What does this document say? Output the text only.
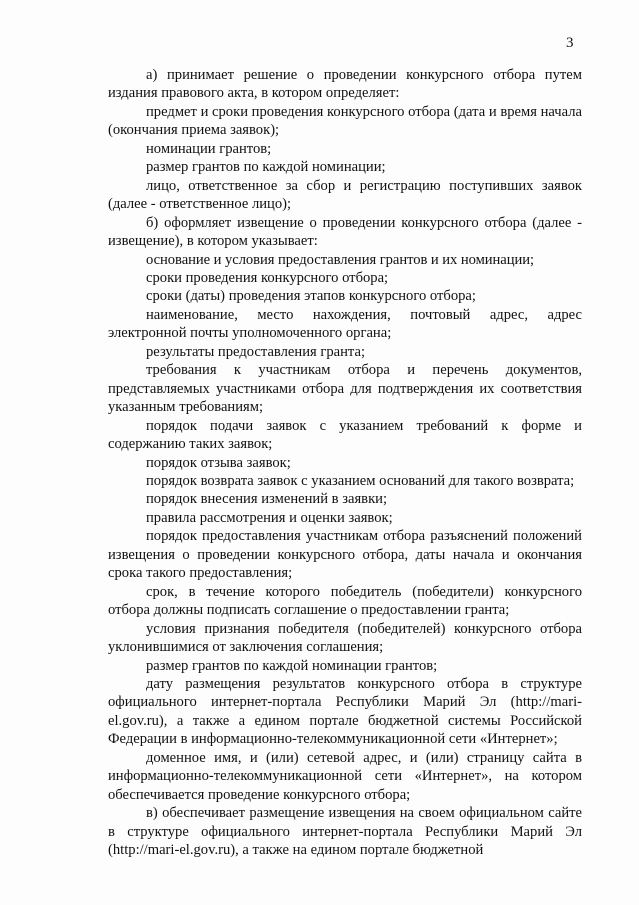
3

а) принимает решение о проведении конкурсного отбора путем издания правового акта, в котором определяет:

предмет и сроки проведения конкурсного отбора (дата и время начала (окончания приема заявок);

номинации грантов;

размер грантов по каждой номинации;

лицо, ответственное за сбор и регистрацию поступивших заявок (далее - ответственное лицо);

б) оформляет извещение о проведении конкурсного отбора (далее - извещение), в котором указывает:

основание и условия предоставления грантов и их номинации;

сроки проведения конкурсного отбора;

сроки (даты) проведения этапов конкурсного отбора;

наименование, место нахождения, почтовый адрес, адрес электронной почты уполномоченного органа;

результаты предоставления гранта;

требования к участникам отбора и перечень документов, представляемых участниками отбора для подтверждения их соответствия указанным требованиям;

порядок подачи заявок с указанием требований к форме и содержанию таких заявок;

порядок отзыва заявок;

порядок возврата заявок с указанием оснований для такого возврата;

порядок внесения изменений в заявки;

правила рассмотрения и оценки заявок;

порядок предоставления участникам отбора разъяснений положений извещения о проведении конкурсного отбора, даты начала и окончания срока такого предоставления;

срок, в течение которого победитель (победители) конкурсного отбора должны подписать соглашение о предоставлении гранта;

условия признания победителя (победителей) конкурсного отбора уклонившимися от заключения соглашения;

размер грантов по каждой номинации грантов;

дату размещения результатов конкурсного отбора в структуре официального интернет-портала Республики Марий Эл (http://mari-el.gov.ru), а также а едином портале бюджетной системы Российской Федерации в информационно-телекоммуникационной сети «Интернет»;

доменное имя, и (или) сетевой адрес, и (или) страницу сайта в информационно-телекоммуникационной сети «Интернет», на котором обеспечивается проведение конкурсного отбора;

в) обеспечивает размещение извещения на своем официальном сайте в структуре официального интернет-портала Республики Марий Эл (http://mari-el.gov.ru), а также на едином портале бюджетной
